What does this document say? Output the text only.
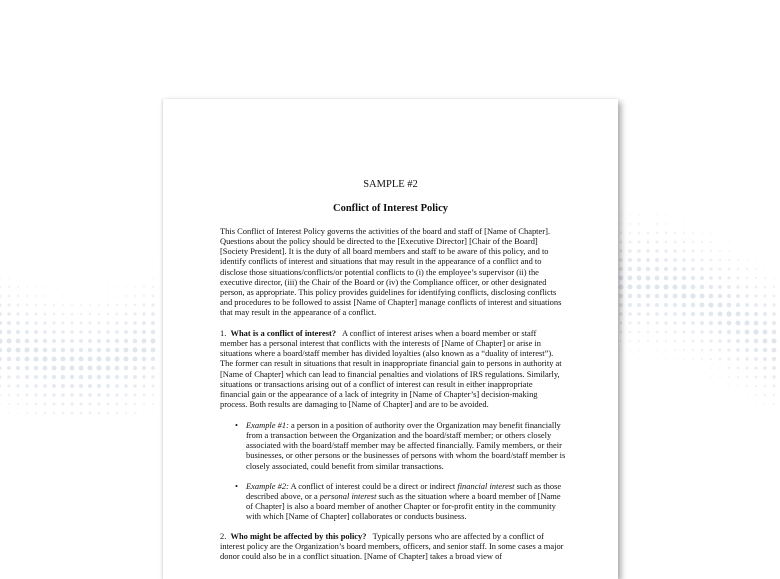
SAMPLE #2
Conflict of Interest Policy
This Conflict of Interest Policy governs the activities of the board and staff of [Name of Chapter]. Questions about the policy should be directed to the [Executive Director] [Chair of the Board] [Society President]. It is the duty of all board members and staff to be aware of this policy, and to identify conflicts of interest and situations that may result in the appearance of a conflict and to disclose those situations/conflicts/or potential conflicts to (i) the employee’s supervisor (ii) the executive director, (iii) the Chair of the Board or (iv) the Compliance officer, or other designated person, as appropriate. This policy provides guidelines for identifying conflicts, disclosing conflicts and procedures to be followed to assist [Name of Chapter] manage conflicts of interest and situations that may result in the appearance of a conflict.
1. What is a conflict of interest? A conflict of interest arises when a board member or staff member has a personal interest that conflicts with the interests of [Name of Chapter] or arise in situations where a board/staff member has divided loyalties (also known as a “duality of interest”). The former can result in situations that result in inappropriate financial gain to persons in authority at [Name of Chapter] which can lead to financial penalties and violations of IRS regulations. Similarly, situations or transactions arising out of a conflict of interest can result in either inappropriate financial gain or the appearance of a lack of integrity in [Name of Chapter’s] decision-making process. Both results are damaging to [Name of Chapter] and are to be avoided.
• Example #1: a person in a position of authority over the Organization may benefit financially from a transaction between the Organization and the board/staff member; or others closely associated with the board/staff member may be affected financially. Family members, or their businesses, or other persons or the businesses of persons with whom the board/staff member is closely associated, could benefit from similar transactions.
• Example #2: A conflict of interest could be a direct or indirect financial interest such as those described above, or a personal interest such as the situation where a board member of [Name of Chapter] is also a board member of another Chapter or for-profit entity in the community with which [Name of Chapter] collaborates or conducts business.
2. Who might be affected by this policy? Typically persons who are affected by a conflict of interest policy are the Organization’s board members, officers, and senior staff. In some cases a major donor could also be in a conflict situation. [Name of Chapter] takes a broad view of
